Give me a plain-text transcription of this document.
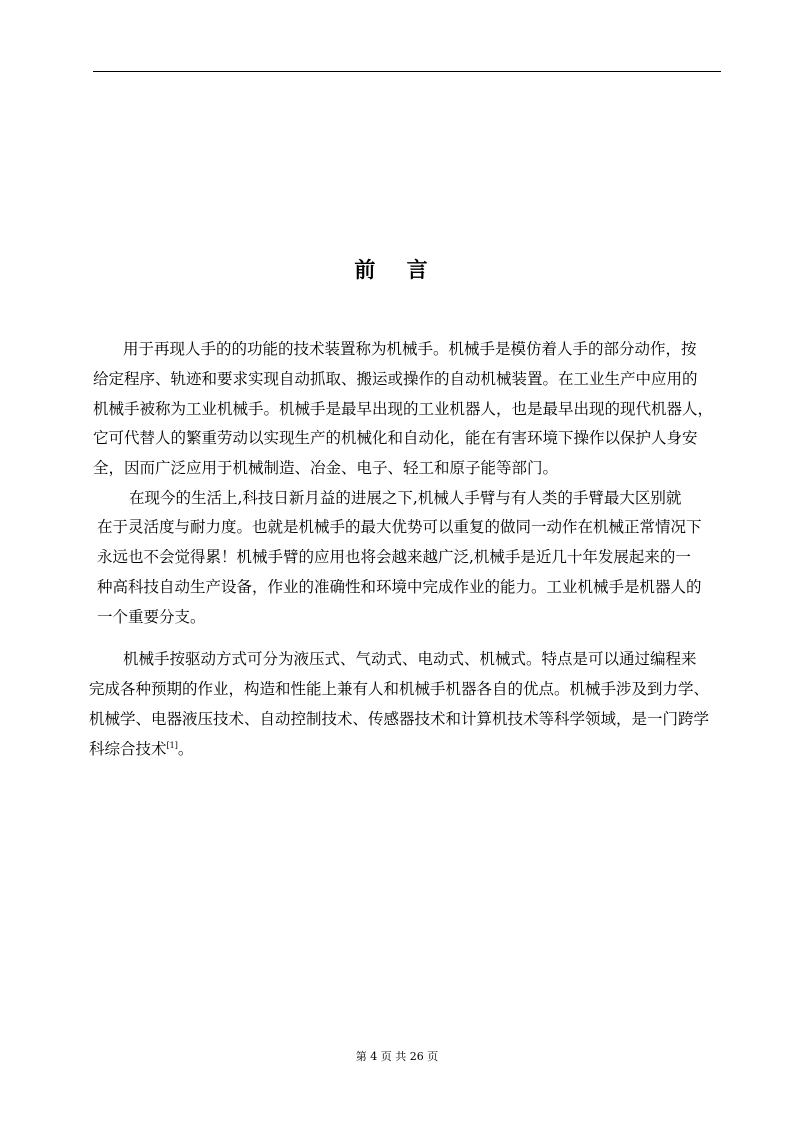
前 言
用于再现人手的的功能的技术装置称为机械手。机械手是模仿着人手的部分动作，按
给定程序、轨迹和要求实现自动抓取、搬运或操作的自动机械装置。在工业生产中应用的
机械手被称为工业机械手。机械手是最早出现的工业机器人，也是最早出现的现代机器人，
它可代替人的繁重劳动以实现生产的机械化和自动化，能在有害环境下操作以保护人身安
全，因而广泛应用于机械制造、冶金、电子、轻工和原子能等部门。
在现今的生活上,科技日新月益的进展之下,机械人手臂与有人类的手臂最大区别就
在于灵活度与耐力度。也就是机械手的最大优势可以重复的做同一动作在机械正常情况下
永远也不会觉得累！机械手臂的应用也将会越来越广泛,机械手是近几十年发展起来的一
种高科技自动生产设备，作业的准确性和环境中完成作业的能力。工业机械手是机器人的
一个重要分支。
机械手按驱动方式可分为液压式、气动式、电动式、机械式。特点是可以通过编程来
完成各种预期的作业，构造和性能上兼有人和机械手机器各自的优点。机械手涉及到力学、
机械学、电器液压技术、自动控制技术、传感器技术和计算机技术等科学领域，是一门跨学
科综合技术[1]。
第 4 页 共 26 页
